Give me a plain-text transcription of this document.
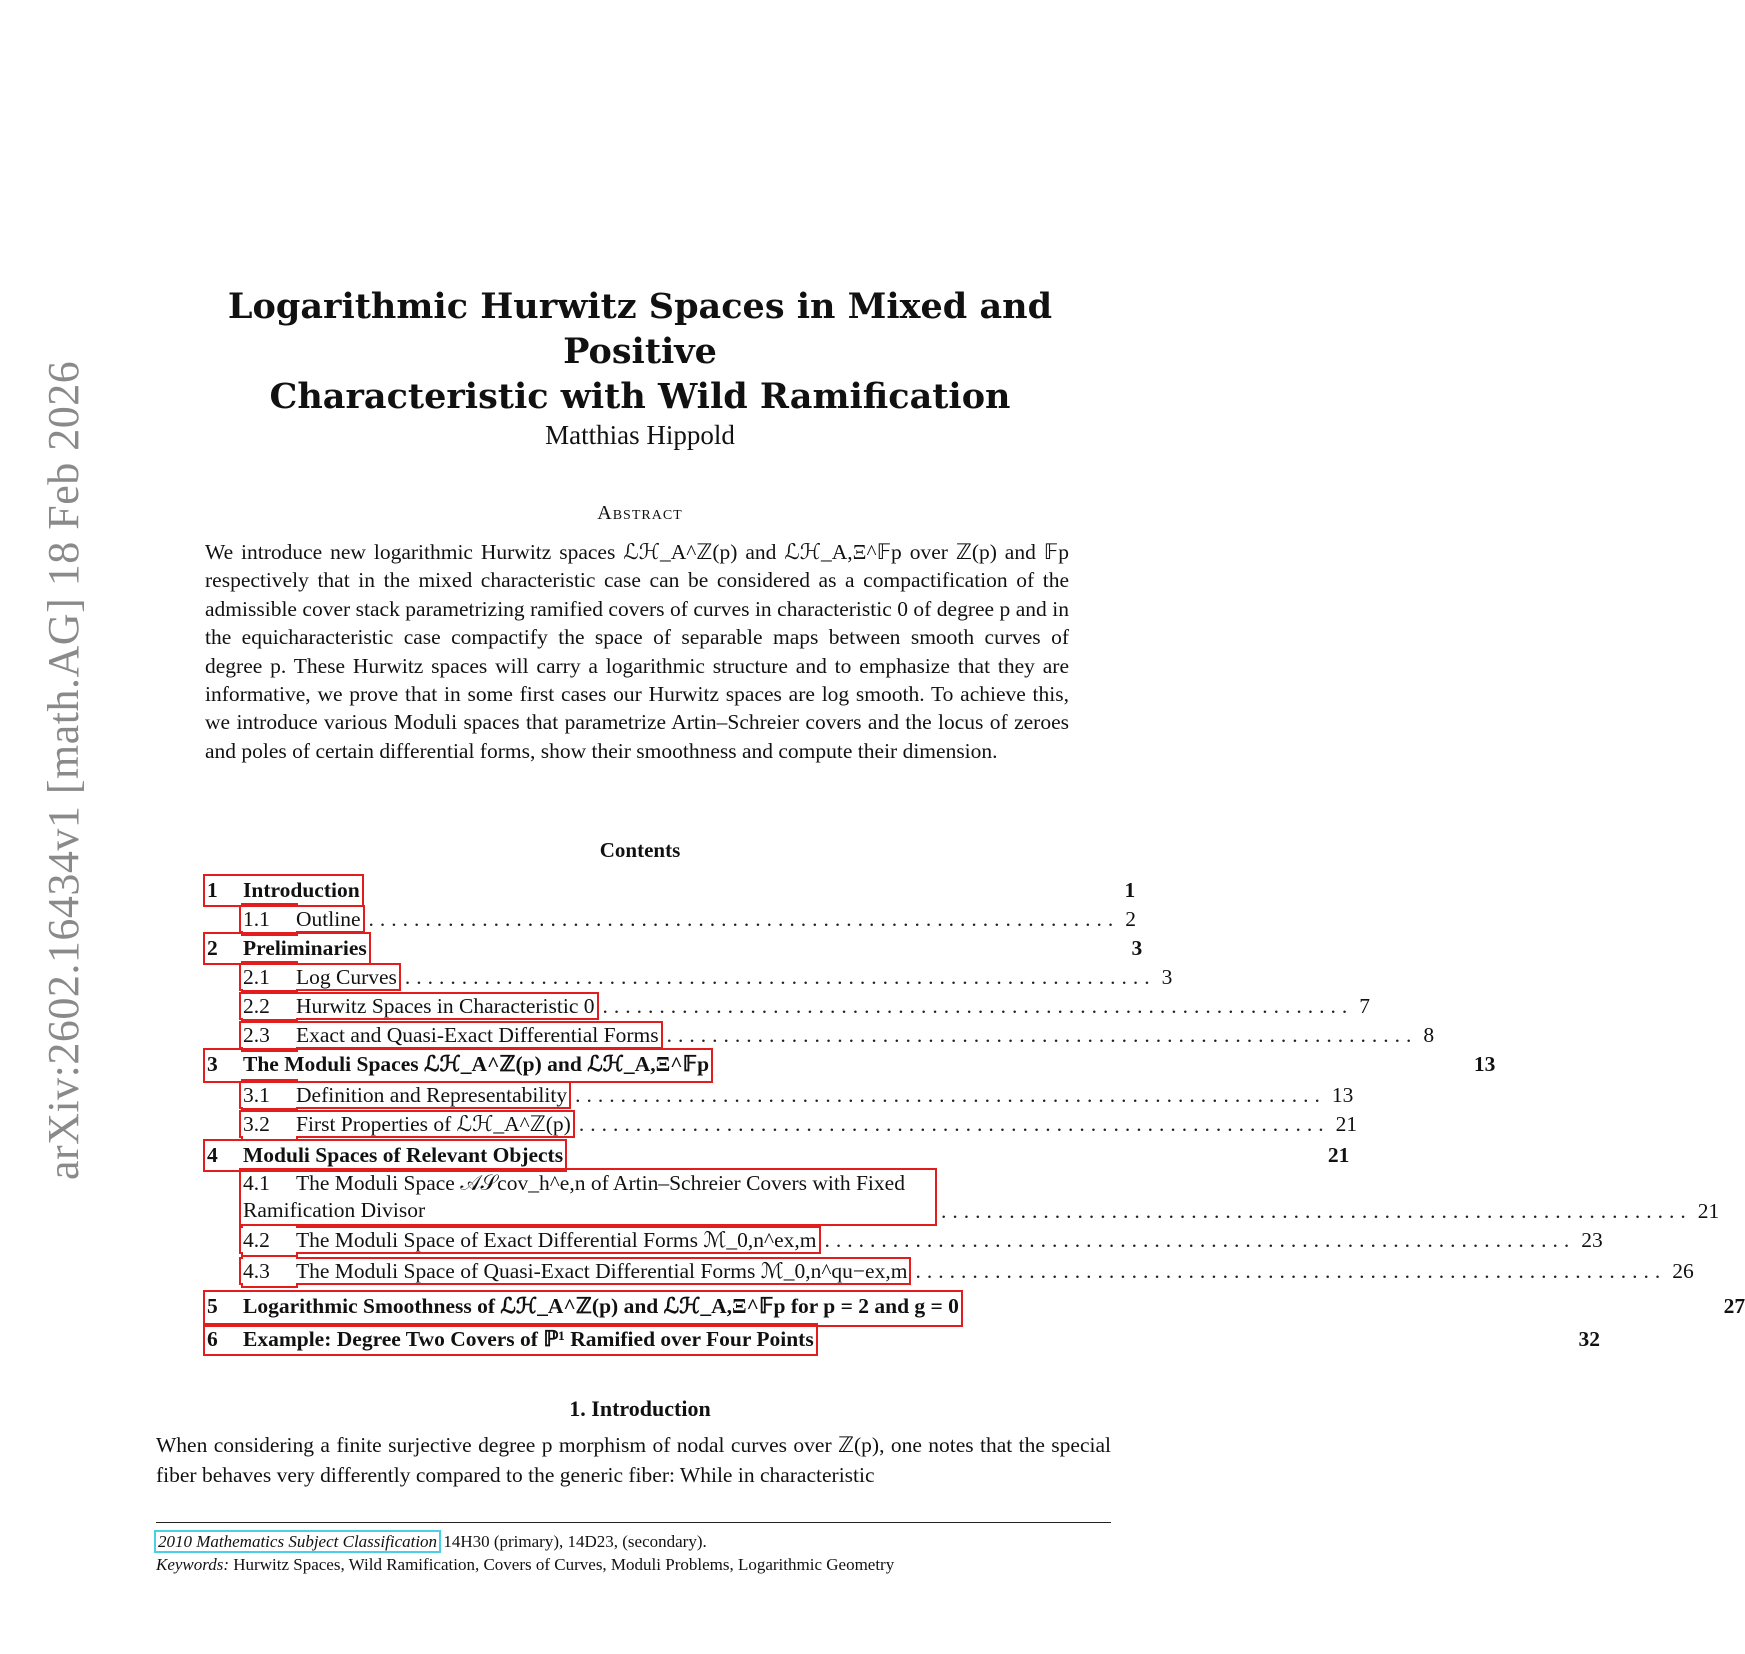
arXiv:2602.16434v1 [math.AG] 18 Feb 2026
Logarithmic Hurwitz Spaces in Mixed and Positive
Characteristic with Wild Ramification
Matthias Hippold
Abstract
We introduce new logarithmic Hurwitz spaces ℒℋ_A^ℤ(p) and ℒℋ_A,Ξ^𝔽p over ℤ(p) and 𝔽p respectively that in the mixed characteristic case can be considered as a compactification of the admissible cover stack parametrizing ramified covers of curves in characteristic 0 of degree p and in the equicharacteristic case compactify the space of separable maps between smooth curves of degree p. These Hurwitz spaces will carry a logarithmic structure and to emphasize that they are informative, we prove that in some first cases our Hurwitz spaces are log smooth. To achieve this, we introduce various Moduli spaces that parametrize Artin–Schreier covers and the locus of zeroes and poles of certain differential forms, show their smoothness and compute their dimension.
Contents
1 Introduction	1
1.1 Outline .................................................................. 2
2 Preliminaries	3
2.1 Log Curves .................................................................. 3
2.2 Hurwitz Spaces in Characteristic 0 .................................................................. 7
2.3 Exact and Quasi-Exact Differential Forms .................................................................. 8
3 The Moduli Spaces ℒℋ_A^ℤ(p) and ℒℋ_A,Ξ^𝔽p	13
3.1 Definition and Representability .................................................................. 13
3.2 First Properties of ℒℋ_A^ℤ(p) .................................................................. 21
4 Moduli Spaces of Relevant Objects	21
4.1 The Moduli Space 𝒜𝒮cov_h^e,n of Artin–Schreier Covers with Fixed Ramification Divisor	.................................................................. 21
4.2 The Moduli Space of Exact Differential Forms ℳ_0,n^ex,m .................................................................. 23
4.3 The Moduli Space of Quasi-Exact Differential Forms ℳ_0,n^qu−ex,m .................................................................. 26
5 Logarithmic Smoothness of ℒℋ_A^ℤ(p) and ℒℋ_A,Ξ^𝔽p for p = 2 and g = 0	27
6 Example: Degree Two Covers of ℙ¹ Ramified over Four Points	32
1. Introduction
When considering a finite surjective degree p morphism of nodal curves over ℤ(p), one notes that the special fiber behaves very differently compared to the generic fiber: While in characteristic
2010 Mathematics Subject Classification 14H30 (primary), 14D23, (secondary).
Keywords: Hurwitz Spaces, Wild Ramification, Covers of Curves, Moduli Problems, Logarithmic Geometry
